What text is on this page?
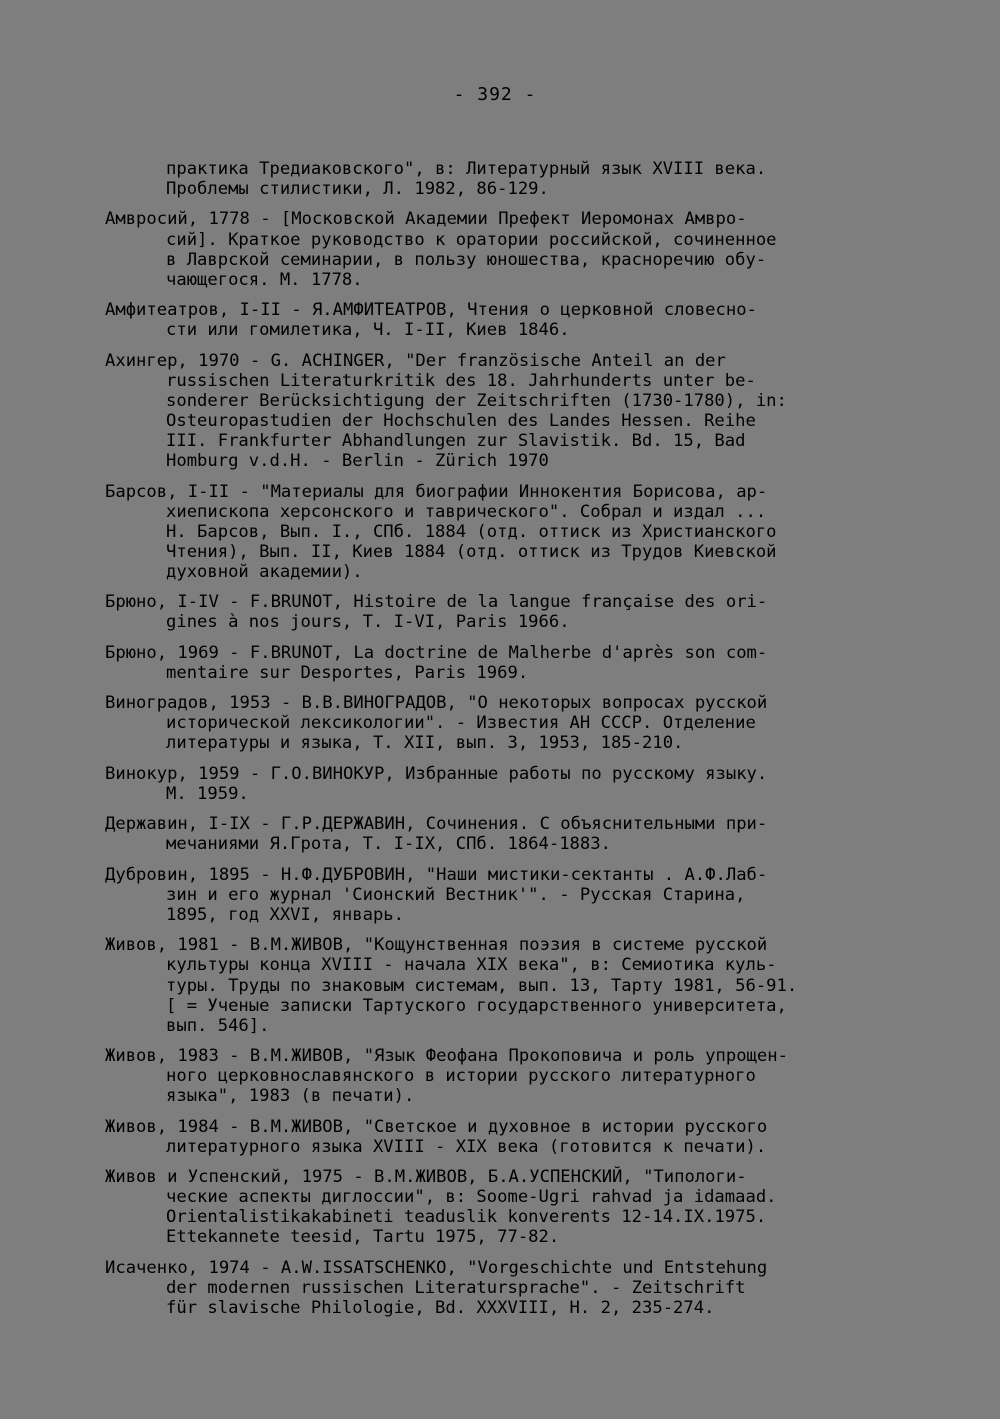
- 392 -
практика Тредиаковского", в: Литературный язык XVIII века.
Проблемы стилистики, Л. 1982, 86-129.
Амвросий, 1778 - [Московской Академии Префект Иеромонах Амвро-
сий]. Краткое руководство к оратории российской, сочиненное
в Лаврской семинарии, в пользу юношества, красноречию обу-
чающегося. М. 1778.
Амфитеатров, I-II - Я.АМФИТЕАТРОВ, Чтения о церковной словесно-
сти или гомилетика, Ч. I-II, Киев 1846.
Ахингер, 1970 - G. ACHINGER, "Der französische Anteil an der
russischen Literaturkritik des 18. Jahrhunderts unter be-
sonderer Berücksichtigung der Zeitschriften (1730-1780), in:
Osteuropastudien der Hochschulen des Landes Hessen. Reihe
III. Frankfurter Abhandlungen zur Slavistik. Bd. 15, Bad
Homburg v.d.H. - Berlin - Zürich 1970
Барсов, I-II - "Материалы для биографии Иннокентия Борисова, ар-
хиепископа херсонского и таврического". Собрал и издал ...
Н. Барсов, Вып. I., СПб. 1884 (отд. оттиск из Христианского
Чтения), Вып. II, Киев 1884 (отд. оттиск из Трудов Киевской
духовной академии).
Брюно, I-IV - F.BRUNOT, Histoire de la langue française des ori-
gines à nos jours, T. I-VI, Paris 1966.
Брюно, 1969 - F.BRUNOT, La doctrine de Malherbe d'après son com-
mentaire sur Desportes, Paris 1969.
Виноградов, 1953 - В.В.ВИНОГРАДОВ, "О некоторых вопросах русской
исторической лексикологии". - Известия АН СССР. Отделение
литературы и языка, Т. XII, вып. 3, 1953, 185-210.
Винокур, 1959 - Г.О.ВИНОКУР, Избранные работы по русскому языку.
М. 1959.
Державин, I-IX - Г.Р.ДЕРЖАВИН, Сочинения. С объяснительными при-
мечаниями Я.Грота, Т. I-IX, СПб. 1864-1883.
Дубровин, 1895 - Н.Ф.ДУБРОВИН, "Наши мистики-сектанты . А.Ф.Лаб-
зин и его журнал 'Сионский Вестник'". - Русская Старина,
1895, год XXVI, январь.
Живов, 1981 - В.М.ЖИВОВ, "Кощунственная поэзия в системе русской
культуры конца XVIII - начала XIX века", в: Семиотика куль-
туры. Труды по знаковым системам, вып. 13, Тарту 1981, 56-91.
[ = Ученые записки Тартуского государственного университета,
вып. 546].
Живов, 1983 - В.М.ЖИВОВ, "Язык Феофана Прокоповича и роль упрощен-
ного церковнославянского в истории русского литературного
языка", 1983 (в печати).
Живов, 1984 - В.М.ЖИВОВ, "Светское и духовное в истории русского
литературного языка XVIII - XIX века (готовится к печати).
Живов и Успенский, 1975 - В.М.ЖИВОВ, Б.А.УСПЕНСКИЙ, "Типологи-
ческие аспекты диглоссии", в: Soome-Ugri rahvad ja idamaad.
Orientalistikakabineti teaduslik konverents 12-14.IX.1975.
Ettekannete teesid, Tartu 1975, 77-82.
Исаченко, 1974 - A.W.ISSATSCHENKO, "Vorgeschichte und Entstehung
der modernen russischen Literatursprache". - Zeitschrift
für slavische Philologie, Bd. XXXVIII, H. 2, 235-274.
